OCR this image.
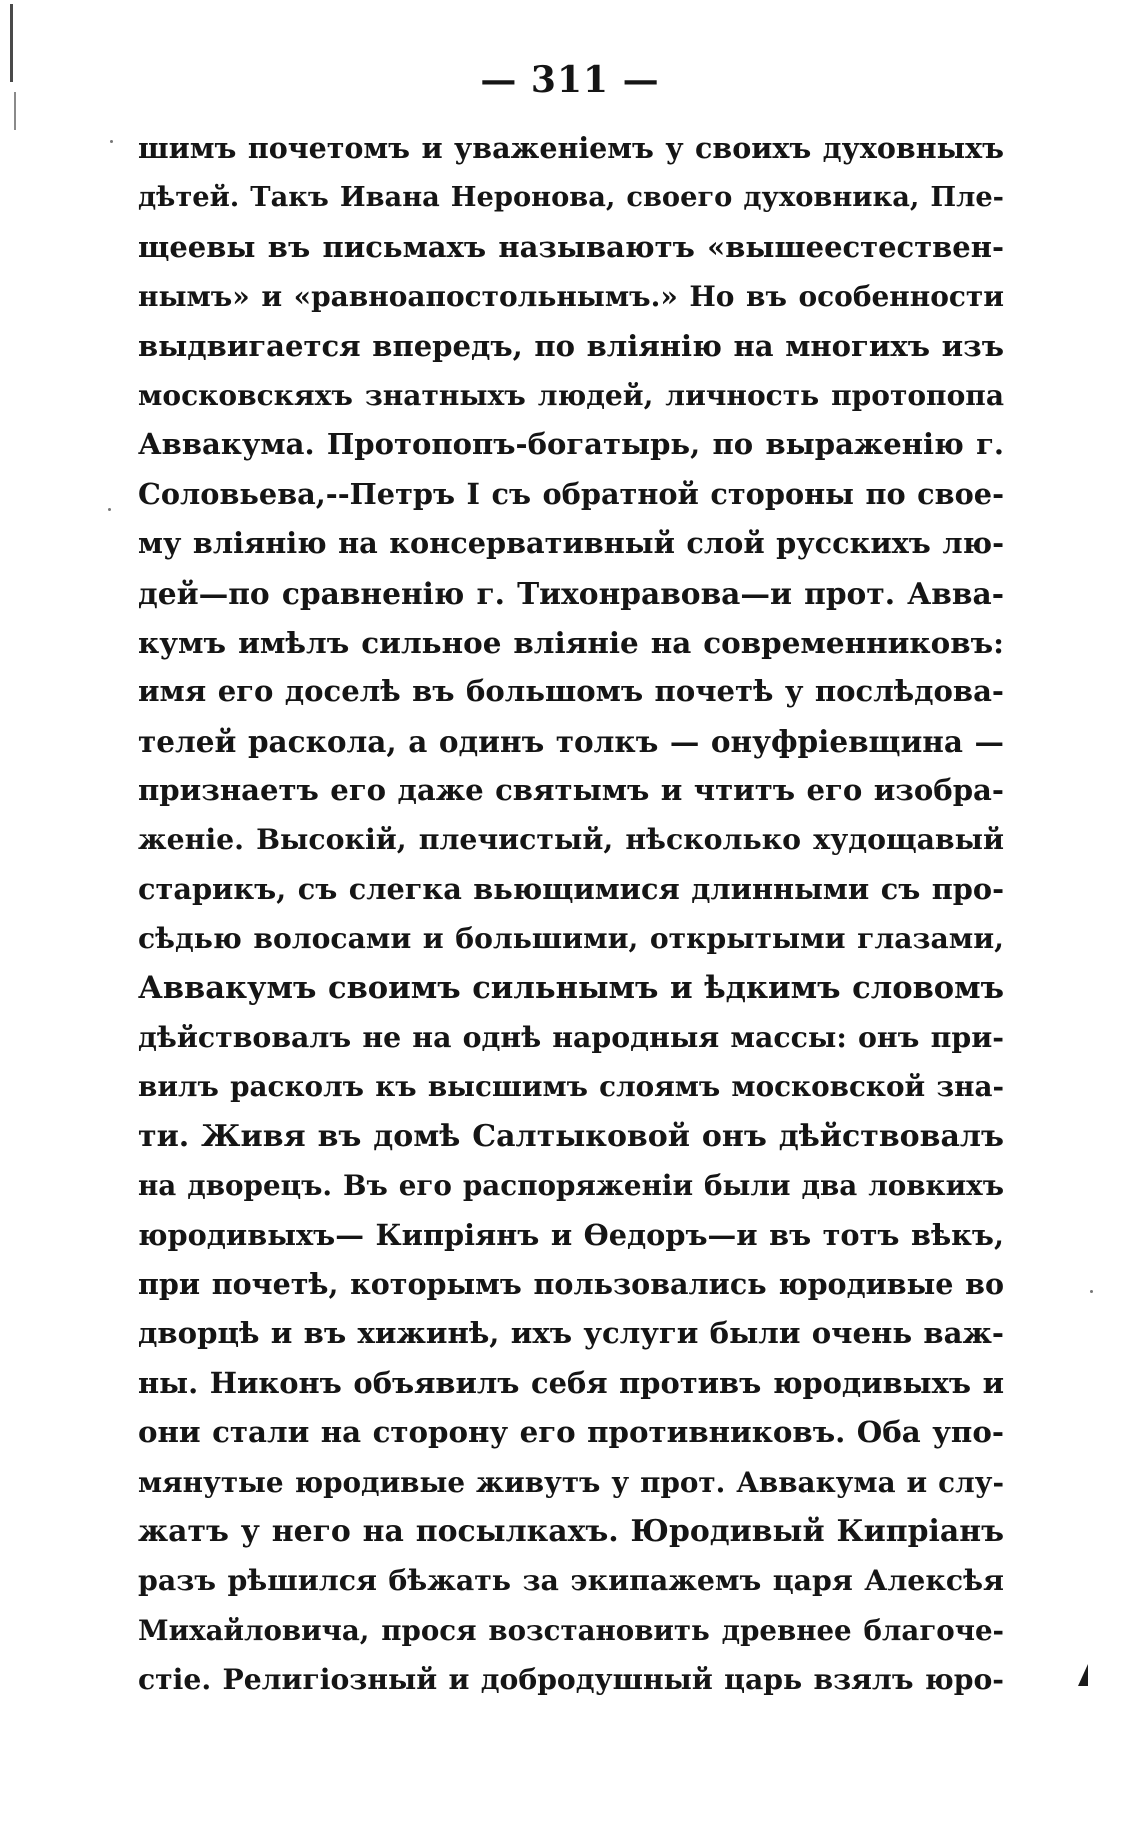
— 311 —
шимъ почетомъ и уваженіемъ у своихъ духовныхъ
дѣтей. Такъ Ивана Неронова, своего духовника, Пле-
щеевы въ письмахъ называютъ «вышеестествен-
нымъ» и «равноапостольнымъ.» Но въ особенности
выдвигается впередъ, по вліянію на многихъ изъ
московскяхъ знатныхъ людей, личность протопопа
Аввакума. Протопопъ-богатырь, по выраженію г.
Соловьева,--Петръ I съ обратной стороны по свое-
му вліянію на консервативный слой русскихъ лю-
дей—по сравненію г. Тихонравова—и прот. Авва-
кумъ имѣлъ сильное вліяніе на современниковъ:
имя его доселѣ въ большомъ почетѣ у послѣдова-
телей раскола, а одинъ толкъ — онуфріевщина —
признаетъ его даже святымъ и чтитъ его изобра-
женіе. Высокій, плечистый, нѣсколько худощавый
старикъ, съ слегка вьющимися длинными съ про-
сѣдью волосами и большими, открытыми глазами,
Аввакумъ своимъ сильнымъ и ѣдкимъ словомъ
дѣйствовалъ не на однѣ народныя массы: онъ при-
вилъ расколъ къ высшимъ слоямъ московской зна-
ти. Живя въ домѣ Салтыковой онъ дѣйствовалъ
на дворецъ. Въ его распоряженіи были два ловкихъ
юродивыхъ— Кипріянъ и Ѳедоръ—и въ тотъ вѣкъ,
при почетѣ, которымъ пользовались юродивые во
дворцѣ и въ хижинѣ, ихъ услуги были очень важ-
ны. Никонъ объявилъ себя противъ юродивыхъ и
они стали на сторону его противниковъ. Оба упо-
мянутые юродивые живутъ у прот. Аввакума и слу-
жатъ у него на посылкахъ. Юродивый Кипріанъ
разъ рѣшился бѣжать за экипажемъ царя Алексѣя
Михайловича, прося возстановить древнее благоче-
стіе. Религіозный и добродушный царь взялъ юро-
